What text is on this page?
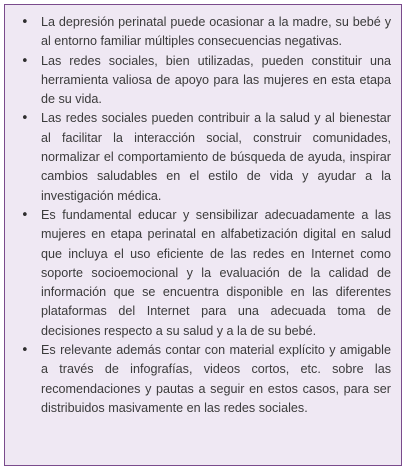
• La depresión perinatal puede ocasionar a la madre, su bebé y al entorno familiar múltiples consecuencias negativas.
• Las redes sociales, bien utilizadas, pueden constituir una herramienta valiosa de apoyo para las mujeres en esta etapa de su vida.
• Las redes sociales pueden contribuir a la salud y al bienestar al facilitar la interacción social, construir comunidades, normalizar el comportamiento de búsqueda de ayuda, inspirar cambios saludables en el estilo de vida y ayudar a la investigación médica.
• Es fundamental educar y sensibilizar adecuadamente a las mujeres en etapa perinatal en alfabetización digital en salud que incluya el uso eficiente de las redes en Internet como soporte socioemocional y la evaluación de la calidad de información que se encuentra disponible en las diferentes plataformas del Internet para una adecuada toma de decisiones respecto a su salud y a la de su bebé.
• Es relevante además contar con material explícito y amigable a través de infografías, videos cortos, etc. sobre las recomendaciones y pautas a seguir en estos casos, para ser distribuidos masivamente en las redes sociales.
